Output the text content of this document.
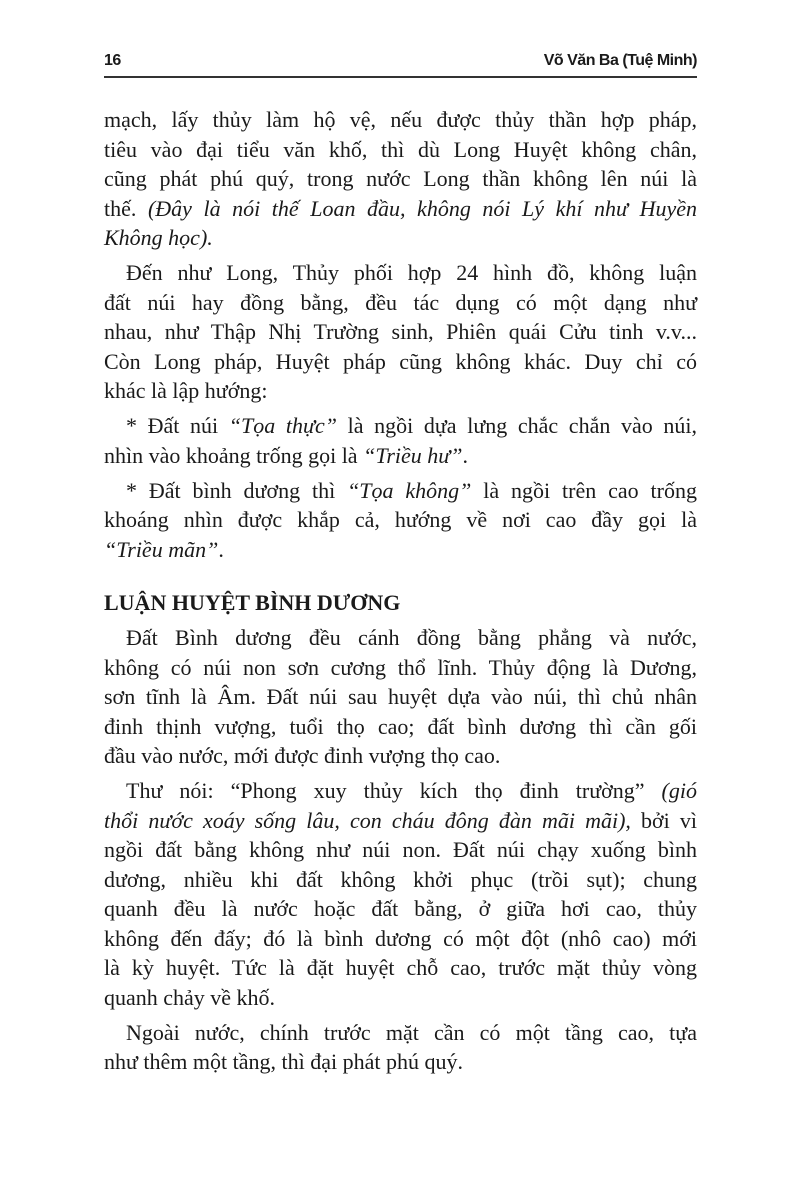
16	Võ Văn Ba (Tuệ Minh)
mạch, lấy thủy làm hộ vệ, nếu được thủy thần hợp pháp,
tiêu vào đại tiểu văn khố, thì dù Long Huyệt không chân,
cũng phát phú quý, trong nước Long thần không lên núi là
thế. (Đây là nói thế Loan đầu, không nói Lý khí như Huyền
Không học).
Đến như Long, Thủy phối hợp 24 hình đồ, không luận
đất núi hay đồng bằng, đều tác dụng có một dạng như
nhau, như Thập Nhị Trường sinh, Phiên quái Cửu tinh v.v...
Còn Long pháp, Huyệt pháp cũng không khác. Duy chỉ có
khác là lập hướng:
* Đất núi “Tọa thực” là ngồi dựa lưng chắc chắn vào núi,
nhìn vào khoảng trống gọi là “Triều hư”.
* Đất bình dương thì “Tọa không” là ngồi trên cao trống
khoáng nhìn được khắp cả, hướng về nơi cao đầy gọi là
“Triều mãn”.
LUẬN HUYỆT BÌNH DƯƠNG
Đất Bình dương đều cánh đồng bằng phẳng và nước,
không có núi non sơn cương thổ lĩnh. Thủy động là Dương,
sơn tĩnh là Âm. Đất núi sau huyệt dựa vào núi, thì chủ nhân
đinh thịnh vượng, tuổi thọ cao; đất bình dương thì cần gối
đầu vào nước, mới được đinh vượng thọ cao.
Thư nói: “Phong xuy thủy kích thọ đinh trường” (gió
thổi nước xoáy sống lâu, con cháu đông đàn mãi mãi), bởi vì
ngồi đất bằng không như núi non. Đất núi chạy xuống bình
dương, nhiều khi đất không khởi phục (trồi sụt); chung
quanh đều là nước hoặc đất bằng, ở giữa hơi cao, thủy
không đến đấy; đó là bình dương có một đột (nhô cao) mới
là kỳ huyệt. Tức là đặt huyệt chỗ cao, trước mặt thủy vòng
quanh chảy về khố.
Ngoài nước, chính trước mặt cần có một tầng cao, tựa
như thêm một tầng, thì đại phát phú quý.
